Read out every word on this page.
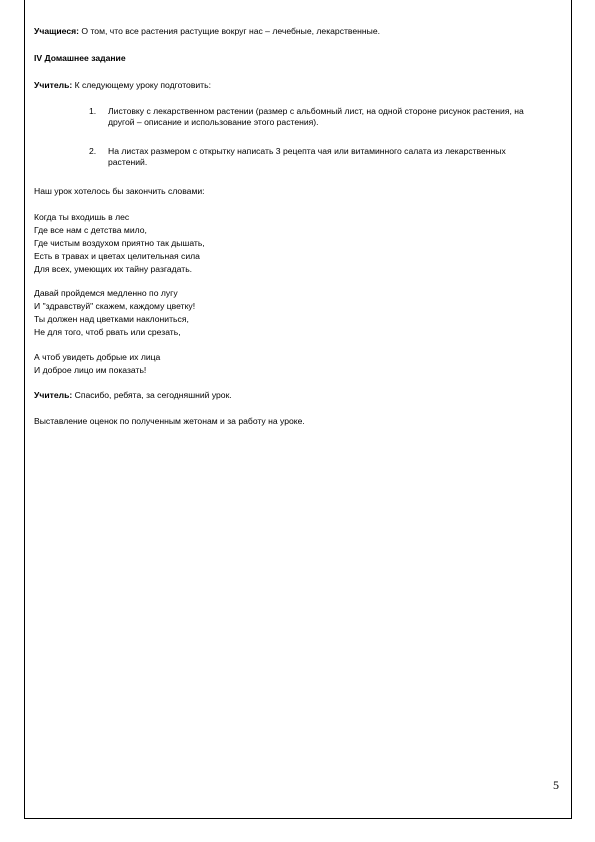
Учащиеся: О том, что все растения растущие вокруг нас – лечебные, лекарственные.
IV Домашнее задание
Учитель: К следующему уроку подготовить:
1. Листовку с лекарственном растении (размер с альбомный лист, на одной стороне рисунок растения, на другой – описание и использование этого растения).
2. На листах размером с открытку написать 3 рецепта чая или витаминного салата из лекарственных растений.
Наш урок хотелось бы закончить словами:
Когда ты входишь в лес
Где все нам с детства мило,
Где чистым воздухом приятно так дышать,
Есть в травах и цветах целительная сила
Для всех, умеющих их тайну разгадать.
Давай пройдемся медленно по лугу
И "здравствуй" скажем, каждому цветку!
Ты должен над цветками наклониться,
Не для того, чтоб рвать или срезать,
А чтоб увидеть добрые их лица
И доброе лицо им показать!
Учитель: Спасибо, ребята, за сегодняшний урок.
Выставление оценок по полученным жетонам и за работу на уроке.
5
